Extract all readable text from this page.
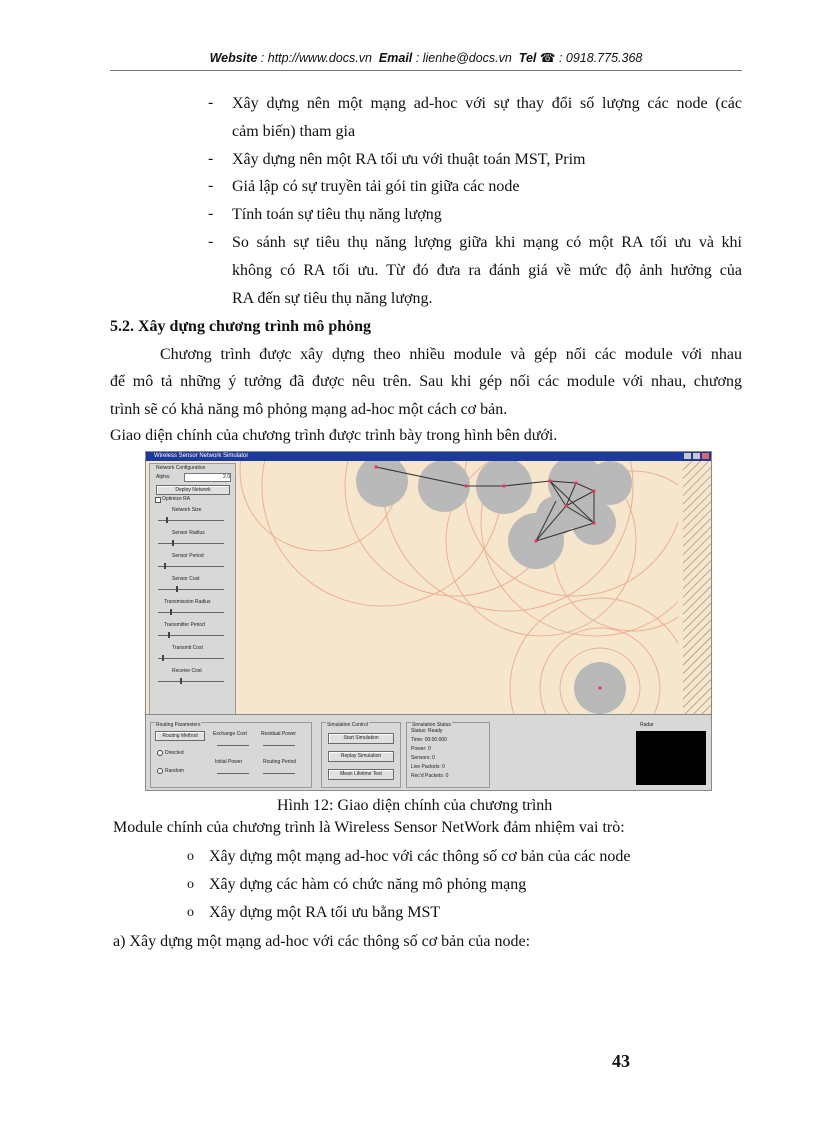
Website : http://www.docs.vn Email : lienhe@docs.vn Tel ☎ : 0918.775.368
- Xây dựng nên một mạng ad-hoc với sự thay đổi số lượng các node (các
cảm biến) tham gia
- Xây dựng nên một RA tối ưu với thuật toán MST, Prim
- Giả lập có sự truyền tải gói tin giữa các node
- Tính toán sự tiêu thụ năng lượng
- So sánh sự tiêu thụ năng lượng giữa khi mạng có một RA tối ưu và khi
không có RA tối ưu. Từ đó đưa ra đánh giá về mức độ ảnh hưởng của
RA đến sự tiêu thụ năng lượng.
5.2. Xây dựng chương trình mô phỏng
Chương trình được xây dựng theo nhiều module và gép nối các module với nhau
để mô tả những ý tưởng đã được nêu trên. Sau khi gép nối các module với nhau, chương
trình sẽ có khả năng mô phỏng mạng ad-hoc một cách cơ bản.
Giao diện chính của chương trình được trình bày trong hình bên dưới.
Wireless Sensor Network Simulator
Network Configuration
Alpha:	2.0
Deploy Network
Optimize RA
Network Size
Sensor Radius
Sensor Period
Sensor Cost
Transmission Radius
Transmitter Period
Transmit Cost
Receive Cost
Routing Parameters
Routing Method	Exchange Cost	Residual Power
Directed
Random
Initial Power	Routing Period
Simulation Control
Start Simulation
Replay Simulation
Mean Lifetime Test
Simulation Status
Status: Ready
Time: 00:00:000
Power: 0
Sensors: 0
Live Packets: 0
Rec'd Packets: 0
Radar
Hình 12: Giao diện chính của chương trình
Module chính của chương trình là Wireless Sensor NetWork đảm nhiệm vai trò:
o Xây dựng một mạng ad-hoc với các thông số cơ bản của các node
o Xây dựng các hàm có chức năng mô phỏng mạng
o Xây dựng một RA tối ưu bằng MST
a) Xây dựng một mạng ad-hoc với các thông số cơ bản của node:
43
